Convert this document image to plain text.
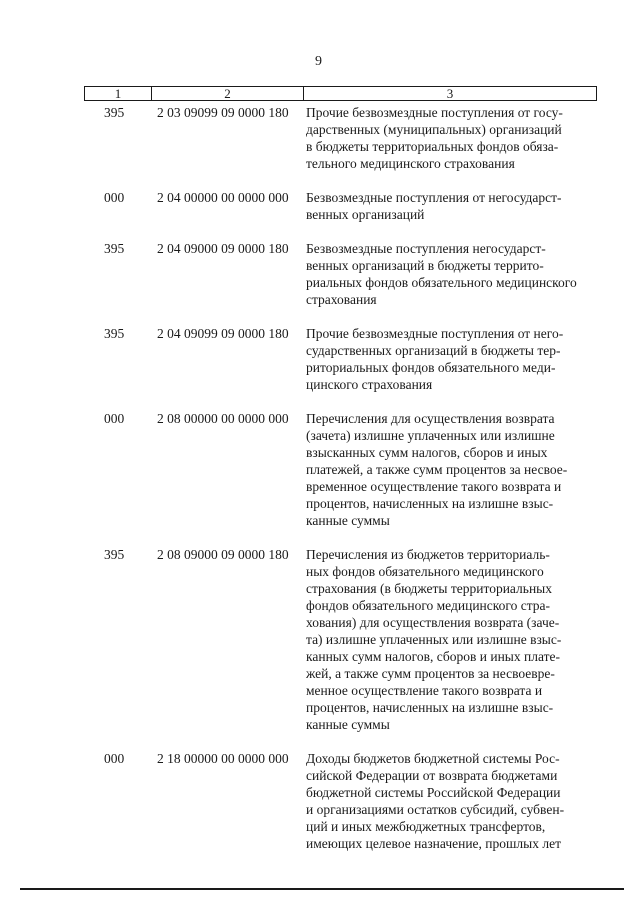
9
1	2	3
395	2 03 09099 09 0000 180	Прочие безвозмездные поступления от госу-
дарственных (муниципальных) организаций
в бюджеты территориальных фондов обяза-
тельного медицинского страхования
000	2 04 00000 00 0000 000	Безвозмездные поступления от негосударст-
венных организаций
395	2 04 09000 09 0000 180	Безвозмездные поступления негосударст-
венных организаций в бюджеты террито-
риальных фондов обязательного медицинского
страхования
395	2 04 09099 09 0000 180	Прочие безвозмездные поступления от него-
сударственных организаций в бюджеты тер-
риториальных фондов обязательного меди-
цинского страхования
000	2 08 00000 00 0000 000	Перечисления для осуществления возврата
(зачета) излишне уплаченных или излишне
взысканных сумм налогов, сборов и иных
платежей, а также сумм процентов за несвое-
временное осуществление такого возврата и
процентов, начисленных на излишне взыс-
канные суммы
395	2 08 09000 09 0000 180	Перечисления из бюджетов территориаль-
ных фондов обязательного медицинского
страхования (в бюджеты территориальных
фондов обязательного медицинского стра-
хования) для осуществления возврата (заче-
та) излишне уплаченных или излишне взыс-
канных сумм налогов, сборов и иных плате-
жей, а также сумм процентов за несвоевре-
менное осуществление такого возврата и
процентов, начисленных на излишне взыс-
канные суммы
000	2 18 00000 00 0000 000	Доходы бюджетов бюджетной системы Рос-
сийской Федерации от возврата бюджетами
бюджетной системы Российской Федерации
и организациями остатков субсидий, субвен-
ций и иных межбюджетных трансфертов,
имеющих целевое назначение, прошлых лет
